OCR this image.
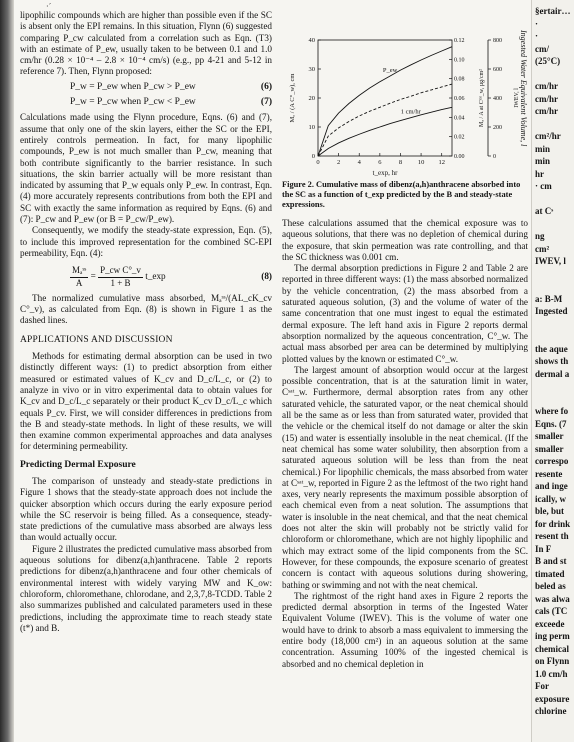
·´

lipophilic compounds which are higher than possible even if the SC is absent only the EPI remains. In this situation, Flynn (6) suggested comparing P_cw calculated from a correlation such as Eqn. (T3) with an estimate of P_ew, usually taken to be between 0.1 and 1.0 cm/hr (0.28 × 10⁻⁴ – 2.8 × 10⁻⁴ cm/s) (e.g., pp 4-21 and 5-12 in reference 7). Then, Flynn proposed:

P_w = P_ew when P_cw > P_ew	(6)
P_w = P_cw when P_cw < P_ew	(7)

Calculations made using the Flynn procedure, Eqns. (6) and (7), assume that only one of the skin layers, either the SC or the EPI, entirely controls permeation. In fact, for many lipophilic compounds, P_ew is not much smaller than P_cw, meaning that both contribute significantly to the barrier resistance. In such situations, the skin barrier actually will be more resistant than indicated by assuming that P_w equals only P_ew. In contrast, Eqn. (4) more accurately represents contributions from both the EPI and SC with exactly the same information as required by Eqns. (6) and (7): P_cw and P_ew (or B = P_cw/P_ew).

Consequently, we modify the steady-state expression, Eqn. (5), to include this improved representation for the combined SC-EPI permeability, Eqn. (4):

$\frac{\text{Mₐˢˢ}}{A} = \frac{\text{P\_cw C°\_v}}{1 + B}$ t_exp	(8)

The normalized cumulative mass absorbed, Mₐˢˢ/(AL_cK_cv C°_v), as calculated from Eqn. (8) is shown in Figure 1 as the dashed lines.

APPLICATIONS AND DISCUSSION

Methods for estimating dermal absorption can be used in two distinctly different ways: (1) to predict absorption from either measured or estimated values of K_cv and D_c/L_c, or (2) to analyze in vivo or in vitro experimental data to obtain values for K_cv and D_c/L_c separately or their product K_cv D_c/L_c which equals P_cv. First, we will consider differences in predictions from the B and steady-state methods. In light of these results, we will then examine common experimental approaches and data analyses for determining permeability.

Predicting Dermal Exposure

The comparison of unsteady and steady-state predictions in Figure 1 shows that the steady-state approach does not include the quicker absorption which occurs during the early exposure period while the SC reservoir is being filled. As a consequence, steady-state predictions of the cumulative mass absorbed are always less than would actually occur.

Figure 2 illustrates the predicted cumulative mass absorbed from aqueous solutions for dibenz(a,h)anthracene. Table 2 reports predictions for dibenz(a,h)anthracene and four other chemicals of environmental interest with widely varying MW and K_ow: chloroform, chloromethane, chlorodane, and 2,3,7,8-TCDD. Table 2 also summarizes published and calculated parameters used in these predictions, including the approximate time to reach steady state (t*) and B.

0	2	4	6	8 10 12
0
10
20
30
40
0.00
0.02
0.04
0.06
0.08
0.10
0.12
0
200
400
600
800
t_exp, hr
Mₐ / (A C°_w), cm	Mₐ / A at Cˢᵃᵗ_w, µg/cm²	IWEV, l
P_ew
1 cm/hr
Figure 2. Cumulative mass of dibenz(a,h)anthracene absorbed into the SC as a function of t_exp predicted by the B and steady-state expressions.
Ingested Water Equivalent Volume, l

These calculations assumed that the chemical exposure was to aqueous solutions, that there was no depletion of chemical during the exposure, that skin permeation was rate controlling, and that the SC thickness was 0.001 cm.

The dermal absorption predictions in Figure 2 and Table 2 are reported in three different ways: (1) the mass absorbed normalized by the vehicle concentration, (2) the mass absorbed from a saturated aqueous solution, (3) and the volume of water of the same concentration that one must ingest to equal the estimated dermal exposure. The left hand axis in Figure 2 reports dermal absorption normalized by the aqueous concentration, C°_w. The actual mass absorbed per area can be determined by multiplying plotted values by the known or estimated C°_w.

The largest amount of absorption would occur at the largest possible concentration, that is at the saturation limit in water, Cˢᵃᵗ_w. Furthermore, dermal absorption rates from any other saturated vehicle, the saturated vapor, or the neat chemical should all be the same as or less than from saturated water, provided that the vehicle or the chemical itself do not damage or alter the skin (15) and water is essentially insoluble in the neat chemical. (If the neat chemical has some water solubility, then absorption from a saturated aqueous solution will be less than from the neat chemical.) For lipophilic chemicals, the mass absorbed from water at Cˢᵃᵗ_w, reported in Figure 2 as the leftmost of the two right hand axes, very nearly represents the maximum possible absorption of each chemical even from a neat solution. The assumptions that water is insoluble in the neat chemical, and that the neat chemical does not alter the skin will probably not be strictly valid for chloroform or chloromethane, which are not highly lipophilic and which may extract some of the lipid components from the SC. However, for these compounds, the exposure scenario of greatest concern is contact with aqueous solutions during showering, bathing or swimming and not with the neat chemical.

The rightmost of the right hand axes in Figure 2 reports the predicted dermal absorption in terms of the Ingested Water Equivalent Volume (IWEV). This is the volume of water one would have to drink to absorb a mass equivalent to immersing the entire body (18,000 cm²) in an aqueous solution at the same concentration. Assuming 100% of the ingested chemical is absorbed and no chemical depletion in

§ertair…
·
·
cm/
(25°C)
cm/hr
cm/hr
cm/hr
cm²/hr
min
min
hr
· cm
at Cˢ
ng
cm²
IWEV, l
a: B-M
Ingested
the aque
shows th
dermal a
where fo
Eqns. (7
smaller
smaller
correspo
resente
and inge
ically, w
ble, but
for drink
resent th
In F
B and st
timated
beled as
was alwa
cals (TC
exceede
ing perm
chemical
on Flynn
1.0 cm/h
For
exposure
chlorine
